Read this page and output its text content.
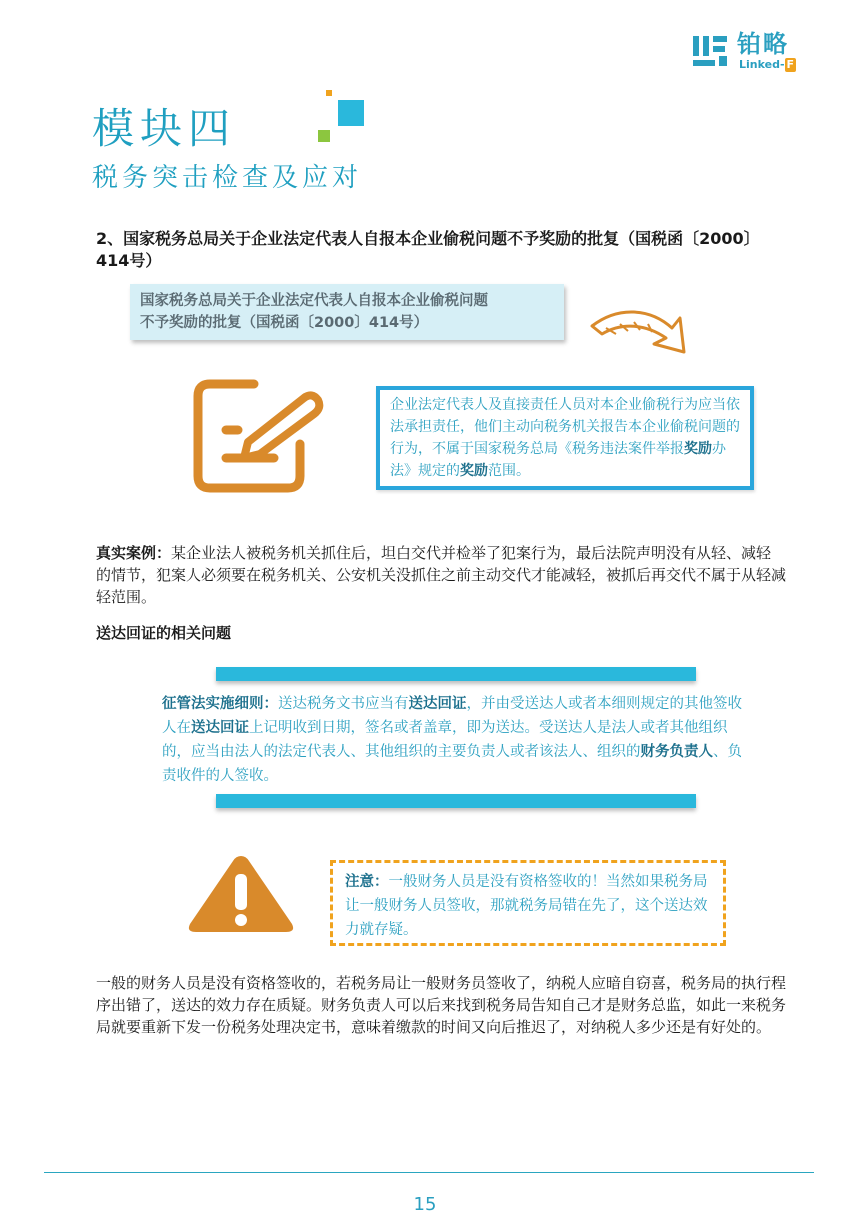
铂略
Linked- F
模块四
税务突击检查及应对
2、国家税务总局关于企业法定代表人自报本企业偷税问题不予奖励的批复（国税函〔2000〕414号）

国家税务总局关于企业法定代表人自报本企业偷税问题
不予奖励的批复（国税函〔2000〕414号）

企业法定代表人及直接责任人员对本企业偷税行为应当依法承担责任，他们主动向税务机关报告本企业偷税问题的行为，不属于国家税务总局《税务违法案件举报奖励办法》规定的奖励范围。

真实案例：某企业法人被税务机关抓住后，坦白交代并检举了犯案行为，最后法院声明没有从轻、减轻的情节，犯案人必须要在税务机关、公安机关没抓住之前主动交代才能减轻，被抓后再交代不属于从轻减轻范围。
送达回证的相关问题
征管法实施细则：送达税务文书应当有送达回证，并由受送达人或者本细则规定的其他签收人在送达回证上记明收到日期，签名或者盖章，即为送达。受送达人是法人或者其他组织的，应当由法人的法定代表人、其他组织的主要负责人或者该法人、组织的财务负责人、负责收件的人签收。

注意：一般财务人员是没有资格签收的！当然如果税务局让一般财务人员签收，那就税务局错在先了，这个送达效力就存疑。

一般的财务人员是没有资格签收的，若税务局让一般财务员签收了，纳税人应暗自窃喜，税务局的执行程序出错了，送达的效力存在质疑。财务负责人可以后来找到税务局告知自己才是财务总监，如此一来税务局就要重新下发一份税务处理决定书，意味着缴款的时间又向后推迟了，对纳税人多少还是有好处的。
15
